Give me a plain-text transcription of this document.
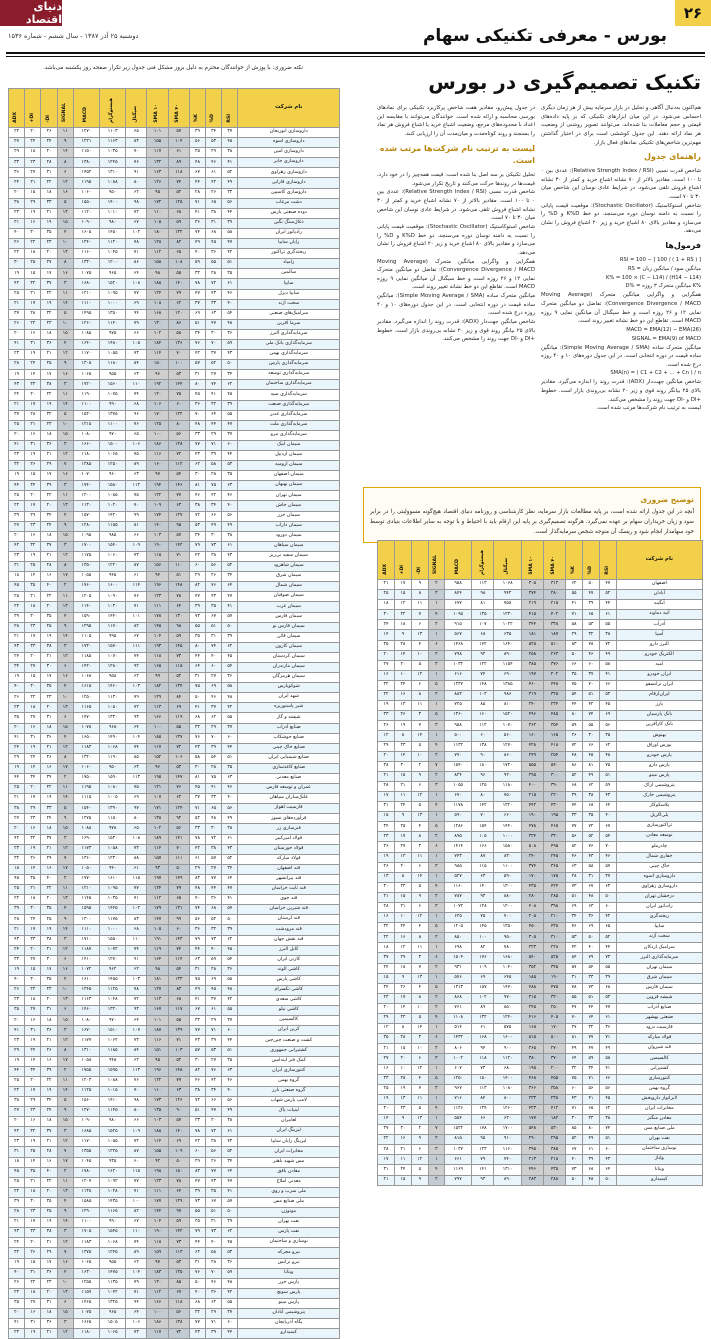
۲۶
دنیای اقتصاد
بورس - معرفی تکنیکی سهام
دوشنبه ۲۵ آذر ۱۳۸۷ - سال ششم - شماره ۱۵۳۶
تکنیک تصمیم‌گیری در بورس
نکته ضروری: با پوزش از خوانندگان محترم به دلیل بروز مشکل فنی جدول زیر تکرار صفحه روز یکشنبه می‌باشد.
هم‌اکنون به‌دنبال آگاهی و تحلیل در بازار سرمایه بیش از هر زمان دیگری احساس می‌شود. در این میان ابزارهای تکنیکی که بر پایه داده‌های قیمتی و حجم معاملات بنا شده‌اند، می‌توانند تصویر روشنی از وضعیت هر نماد ارائه دهند. این جدول کوششی است برای در اختیار گذاشتن مهم‌ترین شاخص‌های تکنیکی نمادهای فعال بازار.
راهنمای جدول
شاخص قدرت نسبی (Relative Strength Index / RSI): عددی بین ۰ تا ۱۰۰ است. مقادیر بالاتر از ۷۰ نشانه اشباع خرید و کمتر از ۳۰ نشانه اشباع فروش تلقی می‌شود. در شرایط عادی نوسان این شاخص میان ۳۰ تا ۷۰ است.
شاخص استوکاستیک (Stochastic Oscillator): موقعیت قیمت پایانی را نسبت به دامنه نوسان دوره می‌سنجد. دو خط K%D و D% را می‌سازد و مقادیر بالای ۸۰ اشباع خرید و زیر ۲۰ اشباع فروش را نشان می‌دهد.
فرمول‌ها
RSI = 100 − [ 100 / ( 1 + RS ) ]
RS = میانگین سود / میانگین زیان
K% = 100 × (C − L14) / (H14 − L14)
D% = میانگین متحرک ۳ روزه K%
همگرایی و واگرایی میانگین متحرک (Moving Average Convergence Divergence / MACD): تفاضل دو میانگین متحرک نمایی ۱۲ و ۲۶ روزه است و خط سیگنال آن میانگین نمایی ۹ روزه MACD است. تقاطع این دو خط نشانه تغییر روند است.
MACD = EMA(12) − EMA(26)
SIGNAL = EMA(9) of MACD
میانگین متحرک ساده (Simple Moving Average / SMA): میانگین ساده قیمت در دوره انتخابی است. در این جدول دوره‌های ۱۰ و ۴۰ روزه درج شده است.
SMA(n) = ( C1 + C2 + ... + Cn ) / n
شاخص میانگین جهت‌دار (ADX): قدرت روند را اندازه می‌گیرد. مقادیر بالای ۲۵ بیانگر روند قوی و زیر ۲۰ نشانه بی‌روندی بازار است. خطوط +DI و ‑DI جهت روند را مشخص می‌کنند.
لیست به ترتیب نام شرکت‌ها مرتب شده است.
در جدول پیش‌رو، مقادیر هفت شاخص پرکاربرد تکنیکی برای نمادهای بورسی محاسبه و ارائه شده است. خوانندگان می‌توانند با مقایسه این اعداد با محدوده‌های مرجع، وضعیت اشباع خرید یا اشباع فروش هر نماد را بسنجند و روند کوتاه‌مدت و میان‌مدت آن را ارزیابی کنند.
لیست به ترتیب نام شرکت‌ها مرتب شده است.
تحلیل تکنیکی بر سه اصل بنا شده است: قیمت همه‌چیز را در خود دارد، قیمت‌ها در روندها حرکت می‌کنند و تاریخ تکرار می‌شود.
شاخص قدرت نسبی (Relative Strength Index / RSI): عددی بین ۰ تا ۱۰۰ است. مقادیر بالاتر از ۷۰ نشانه اشباع خرید و کمتر از ۳۰ نشانه اشباع فروش تلقی می‌شود. در شرایط عادی نوسان این شاخص میان ۳۰ تا ۷۰ است.
شاخص استوکاستیک (Stochastic Oscillator): موقعیت قیمت پایانی را نسبت به دامنه نوسان دوره می‌سنجد. دو خط K%D و D% را می‌سازد و مقادیر بالای ۸۰ اشباع خرید و زیر ۲۰ اشباع فروش را نشان می‌دهد.
همگرایی و واگرایی میانگین متحرک (Moving Average Convergence Divergence / MACD): تفاضل دو میانگین متحرک نمایی ۱۲ و ۲۶ روزه است و خط سیگنال آن میانگین نمایی ۹ روزه MACD است. تقاطع این دو خط نشانه تغییر روند است.
میانگین متحرک ساده (Simple Moving Average / SMA): میانگین ساده قیمت در دوره انتخابی است. در این جدول دوره‌های ۱۰ و ۴۰ روزه درج شده است.
شاخص میانگین جهت‌دار (ADX): قدرت روند را اندازه می‌گیرد. مقادیر بالای ۲۵ بیانگر روند قوی و زیر ۲۰ نشانه بی‌روندی بازار است. خطوط +DI و ‑DI جهت روند را مشخص می‌کنند.
توضیح ضروری
آنچه در این جدول ارائه شده است، بر پایه مطالعات بازار سرمایه، نظر کارشناسی و روزنامه دنیای اقتصاد هیچ‌گونه مسوولیتی را در برابر سود و زیان خریداران سهام بر عهده نمی‌گیرد. هرگونه تصمیم‌گیری بر پایه این ارقام باید با احتیاط و با توجه به سایر اطلاعات بنیادی توسط خود سهامدار انجام شود و ریسک آن متوجه شخص سرمایه‌گذار است.
نام شرکت	RSI	D%	K%	SMA ۴۰	SMA ۱۰	سیگنال	هیستوگرام	MACD	SIGNAL	DI-	DI+	ADX
اصفهان	۴۷	۵۰	۶۲	۳۱۲	۳۰۵	۱۰۶۸	۱۱۳	۹۵۸	۲	۹	۱۷	۲۱
آبادان	۵۲	۴۷	۵۵	۲۸۰	۲۷۴	۹۴۲	۹۸	۸۴۴	۳	۸	۱۵	۲۵
آبگینه	۴۴	۳۹	۴۱	۲۱۵	۲۱۹	۷۵۸	۸۱	۶۷۷	۱	۱۱	۱۲	۱۸
آتیه دماوند	۶۱	۶۵	۷۱	۴۰۲	۴۱۵	۱۲۳۰	۱۳۵	۱۰۹۵	۴	۷	۲۲	۳۰
آذرآب	۵۵	۵۳	۵۸	۳۳۸	۳۴۴	۱۰۲۲	۱۰۷	۹۱۵	۲	۶	۱۸	۲۴
آسیا	۳۸	۳۲	۲۹	۱۸۷	۱۸۱	۶۳۵	۶۸	۵۶۷	۱	۱۳	۹	۱۴
البرز دارو	۷۲	۷۸	۸۳	۵۱۰	۵۲۵	۱۶۴۰	۱۷۲	۱۴۶۸	۶	۴	۲۸	۳۵
الکتریک خودرو	۴۹	۴۶	۵۰	۲۶۳	۲۵۸	۸۹۰	۹۲	۷۹۸	۲	۱۰	۱۴	۲۰
امید	۵۸	۶۰	۶۶	۳۷۶	۳۸۵	۱۱۵۴	۱۲۲	۱۰۳۲	۳	۵	۲۰	۲۷
ایران خودرو	۴۱	۳۷	۳۵	۲۰۲	۱۹۷	۶۹۰	۷۴	۶۱۶	۱	۱۲	۱۰	۱۶
ایران ترانسفو	۶۶	۷۰	۷۵	۴۴۸	۴۶۰	۱۳۸۵	۱۴۸	۱۲۳۷	۵	۶	۲۴	۳۲
ایران‌ارقام	۵۳	۵۱	۵۴	۳۲۵	۳۱۹	۹۸۶	۱۰۳	۸۸۳	۲	۸	۱۶	۲۲
بارز	۴۵	۴۲	۴۴	۲۳۴	۲۴۰	۸۱۰	۸۵	۷۲۵	۱	۱۱	۱۳	۱۹
بانک پارسیان	۶۹	۷۴	۸۰	۴۸۵	۴۹۶	۱۵۲۰	۱۶۰	۱۳۶۰	۵	۳	۲۶	۳۳
بانک کارآفرین	۵۶	۵۵	۵۹	۳۵۴	۳۶۲	۱۰۷۰	۱۱۲	۹۵۸	۳	۷	۱۹	۲۶
بهنوش	۳۵	۳۰	۲۶	۱۶۵	۱۶۰	۵۶۰	۶۰	۵۰۰	۱	۱۴	۸	۱۲
بورس اوراق	۶۲	۶۶	۷۲	۴۱۸	۴۲۸	۱۲۷۰	۱۳۸	۱۱۳۲	۴	۵	۲۳	۲۹
پارس خودرو	۴۸	۴۵	۴۸	۲۵۴	۲۴۹	۸۶۰	۹۰	۷۷۰	۲	۱۰	۱۴	۲۰
پارس دارو	۷۵	۸۱	۸۶	۵۴۰	۵۵۵	۱۷۲۰	۱۸۰	۱۵۴۰	۷	۲	۳۰	۳۸
پارس مینو	۵۱	۴۹	۵۲	۳۰۰	۲۹۵	۹۲۰	۹۶	۸۲۴	۲	۹	۱۵	۲۱
پتروشیمی اراک	۵۹	۶۲	۶۸	۳۹۰	۴۰۰	۱۱۸۰	۱۲۵	۱۰۵۵	۳	۶	۲۱	۲۸
پتروشیمی خارک	۴۳	۳۸	۳۹	۲۲۰	۲۱۵	۷۵۰	۸۰	۶۷۰	۱	۱۲	۱۱	۱۷
پلاسکوکار	۶۴	۶۸	۷۴	۴۳۰	۴۴۲	۱۳۲۰	۱۴۲	۱۱۷۸	۴	۵	۲۴	۳۱
پلی‌اکریل	۴۰	۳۵	۳۳	۱۹۵	۱۹۰	۶۶۰	۷۰	۵۹۰	۱	۱۳	۹	۱۵
تراکتورسازی	۶۷	۷۲	۷۷	۴۶۵	۴۷۸	۱۴۴۰	۱۵۴	۱۲۸۶	۵	۴	۲۵	۳۴
توسعه معادن	۵۴	۵۲	۵۶	۳۳۰	۳۲۴	۱۰۰۰	۱۰۵	۸۹۵	۲	۸	۱۷	۲۳
چادرملو	۷۰	۷۶	۸۲	۴۹۵	۵۰۸	۱۵۸۰	۱۶۶	۱۴۱۴	۶	۳	۲۷	۳۶
حفاری شمال	۴۶	۴۳	۴۶	۲۴۵	۲۴۰	۸۳۰	۸۷	۷۴۳	۱	۱۱	۱۳	۱۹
خاک چینی	۵۷	۵۸	۶۳	۳۶۵	۳۷۴	۱۱۰۰	۱۱۵	۹۸۵	۳	۶	۲۰	۲۶
داروسازی اسوه	۳۷	۳۱	۲۸	۱۷۵	۱۷۰	۵۹۰	۶۳	۵۲۷	۱	۱۴	۸	۱۳
داروسازی زهراوی	۶۳	۶۷	۷۳	۴۲۴	۴۳۵	۱۳۰۰	۱۴۰	۱۱۶۰	۴	۵	۲۳	۳۰
درخشان تهران	۵۰	۴۸	۵۱	۲۸۵	۲۸۰	۸۸۰	۹۳	۷۸۷	۲	۹	۱۵	۲۱
رادیاتور ایران	۶۰	۶۳	۶۹	۳۹۸	۴۰۸	۱۲۰۰	۱۲۸	۱۰۷۲	۳	۶	۲۱	۲۸
ریخته‌گری	۴۲	۳۶	۳۴	۲۱۰	۲۰۵	۷۰۰	۷۵	۶۲۵	۱	۱۲	۱۰	۱۶
سایپا	۶۵	۶۹	۷۶	۴۳۸	۴۵۰	۱۳۵۰	۱۴۵	۱۲۰۵	۵	۴	۲۴	۳۲
سخت آژند	۵۲	۵۰	۵۳	۳۱۰	۳۰۵	۹۵۰	۱۰۰	۸۵۰	۲	۸	۱۶	۲۲
سرامیک اردکان	۴۴	۴۰	۴۲	۲۲۸	۲۲۳	۷۸۰	۸۲	۶۹۸	۱	۱۱	۱۲	۱۸
سرمایه‌گذاری البرز	۷۳	۷۹	۸۴	۵۲۵	۵۴۰	۱۶۸۰	۱۷۶	۱۵۰۴	۶	۳	۲۹	۳۷
سیمان تهران	۵۵	۵۴	۵۷	۳۴۵	۳۵۲	۱۰۴۰	۱۰۹	۹۳۱	۲	۷	۱۸	۲۴
سیمان شرق	۳۹	۳۳	۳۱	۱۹۰	۱۸۵	۶۴۵	۶۹	۵۷۶	۱	۱۳	۹	۱۵
سیمان فارس	۶۸	۷۳	۷۸	۴۷۵	۴۸۸	۱۴۷۰	۱۵۷	۱۳۱۳	۵	۴	۲۶	۳۴
شیشه قزوین	۵۳	۵۱	۵۵	۳۲۰	۳۱۵	۹۷۰	۱۰۲	۸۶۸	۲	۸	۱۷	۲۳
صنایع آذرآب	۴۷	۴۴	۴۷	۲۵۰	۲۴۵	۸۵۰	۸۹	۷۶۱	۲	۱۰	۱۴	۲۰
صنعتی بهشهر	۶۱	۶۴	۷۰	۴۰۵	۴۱۶	۱۲۴۰	۱۳۲	۱۱۰۸	۴	۵	۲۲	۲۹
فارسیت درود	۳۶	۳۲	۲۷	۱۷۰	۱۶۵	۵۷۵	۶۱	۵۱۴	۱	۱۴	۸	۱۲
فولاد مبارکه	۷۱	۷۷	۸۱	۵۰۰	۵۱۵	۱۶۰۰	۱۶۸	۱۴۳۲	۶	۳	۲۸	۳۵
قند شیروان	۴۹	۴۷	۴۹	۲۷۰	۲۶۵	۹۰۰	۹۴	۸۰۶	۲	۱۰	۱۵	۲۱
کالسیمین	۵۸	۵۹	۶۴	۳۷۰	۳۸۰	۱۱۲۰	۱۱۸	۱۰۰۲	۳	۶	۲۰	۲۷
کشتیرانی	۴۱	۳۴	۳۲	۲۰۰	۱۹۵	۶۸۰	۷۳	۶۰۷	۱	۱۲	۱۰	۱۶
کنتورسازی	۶۶	۷۱	۷۵	۴۵۵	۴۶۸	۱۴۰۰	۱۵۰	۱۲۵۰	۵	۴	۲۵	۳۳
گروه بهمن	۵۶	۵۶	۶۰	۳۵۸	۳۶۶	۱۰۸۰	۱۱۳	۹۶۷	۳	۷	۱۹	۲۵
لابراتوار داروپخش	۴۵	۴۱	۴۳	۲۳۸	۲۳۳	۸۰۰	۸۴	۷۱۶	۱	۱۱	۱۳	۱۹
مخابرات ایران	۶۲	۶۵	۷۱	۴۱۲	۴۲۳	۱۲۶۰	۱۳۴	۱۱۲۶	۴	۵	۲۳	۳۰
معادن منگنز	۳۸	۳۳	۳۰	۱۸۲	۱۷۷	۶۲۰	۶۶	۵۵۴	۱	۱۳	۹	۱۴
ملی صنایع مس	۷۴	۸۰	۸۵	۵۳۰	۵۴۸	۱۷۰۰	۱۷۸	۱۵۲۲	۷	۲	۳۰	۳۷
نفت بهران	۵۱	۴۹	۵۲	۲۹۵	۲۹۰	۹۱۰	۹۵	۸۱۵	۲	۹	۱۶	۲۲
نوسازی ساختمان	۶۰	۶۱	۶۷	۳۸۵	۳۹۵	۱۱۶۰	۱۲۳	۱۰۳۷	۳	۶	۲۱	۲۸
ولتاژ	۴۳	۳۹	۴۰	۲۱۸	۲۱۳	۷۴۰	۷۹	۶۶۱	۱	۱۲	۱۱	۱۷
ویتانا	۶۴	۶۸	۷۳	۴۳۵	۴۴۶	۱۳۱۰	۱۴۱	۱۱۶۹	۴	۵	۲۴	۳۱
کیمیدارو	۵۰	۴۸	۵۰	۲۸۸	۲۸۳	۸۹۰	۹۳	۷۹۷	۲	۹	۱۵	۲۱
نام شرکت	RSI	D%	K%	SMA ۴۰	SMA ۱۰	سیگنال	هیستوگرام	MACD	SIGNAL	DI-	DI+	ADX
داروسازی ابوریحان	۳۷	۳۴	۳۹	۵۷	۱۰۱	۶۵	۱۱۰۳	۱۲۷۰	۱۱	۲۶	۲۰	۲۲
داروسازی اسوه	۴۵	۵۳	۵۶	۱۰۴	۱۵۵	۸۳	۱۱۶۳	۱۲۲۱	۹	۲۴	۲۴	۲۷
داروسازی امین	۳۸	۲۹	۳۵	۶۱	۱۱۷	۷۰	۱۰۳۵	۱۱۵۰	۱۴	۲۰	۱۸	۲۹
داروسازی جابر	۴۱	۴۶	۴۸	۸۹	۱۳۲	۷۶	۱۲۴۵	۱۳۸۰	۸	۲۸	۲۳	۳۳
داروسازی زهراوی	۵۲	۶۱	۶۷	۱۱۸	۱۶۳	۹۱	۱۳۱۰	۱۴۵۲	۶	۳۱	۲۷	۳۶
داروسازی فارابی	۴۹	۴۲	۴۴	۷۴	۱۲۶	۸۰	۱۰۸۸	۱۱۹۵	۱۲	۲۲	۲۱	۲۴
داروسازی کاسپین	۳۳	۲۶	۲۸	۵۲	۹۵	۶۲	۹۵۰	۱۰۶۰	۱۶	۱۸	۱۵	۲۰
دشت مرغاب	۵۶	۶۵	۷۱	۱۲۵	۱۷۲	۹۸	۱۴۰۰	۱۵۵۰	۵	۳۳	۲۹	۳۸
دوده صنعتی پارس	۴۴	۳۸	۴۱	۶۸	۱۱۰	۷۲	۱۰۱۰	۱۱۲۰	۱۳	۲۱	۱۹	۲۳
ذغال‌سنگ نگین	۳۹	۳۱	۳۶	۵۹	۱۰۵	۶۷	۹۸۰	۱۰۹۰	۱۵	۱۹	۱۶	۲۱
رادیاتور ایران	۵۸	۶۸	۷۴	۱۳۲	۱۸۰	۱۰۲	۱۴۵۰	۱۶۰۵	۴	۳۵	۳۰	۴۰
رایان سایپا	۴۷	۴۵	۴۹	۸۲	۱۲۸	۷۸	۱۱۲۰	۱۲۴۰	۱۰	۲۳	۲۲	۲۶
ریخته‌گری تراکتور	۴۲	۳۶	۴۰	۶۵	۱۱۲	۷۱	۱۰۴۵	۱۱۶۰	۱۳	۲۰	۱۸	۲۲
زامیاد	۵۱	۵۵	۵۹	۱۰۸	۱۵۸	۸۶	۱۲۰۰	۱۳۳۰	۸	۲۷	۲۵	۳۰
سالمین	۳۵	۲۸	۳۲	۵۵	۹۸	۶۴	۹۶۵	۱۰۷۵	۱۶	۱۷	۱۵	۱۹
سایپا	۶۱	۷۲	۷۸	۱۴۰	۱۸۸	۱۰۸	۱۵۲۰	۱۶۸۰	۳	۳۷	۳۲	۴۲
سایپا دیزل	۴۶	۴۳	۴۷	۷۹	۱۲۴	۷۷	۱۰۹۵	۱۲۱۰	۱۱	۲۲	۲۱	۲۵
سخت آژند	۴۰	۳۳	۳۷	۶۲	۱۰۸	۶۹	۱۰۰۰	۱۱۱۰	۱۴	۱۹	۱۷	۲۱
سرامیک‌های صنعتی	۵۴	۶۳	۶۹	۱۲۰	۱۶۸	۹۴	۱۳۵۰	۱۴۹۵	۵	۳۲	۲۸	۳۷
سرما آفرین	۴۸	۴۷	۵۱	۸۶	۱۳۰	۷۹	۱۱۴۰	۱۲۶۰	۱۰	۲۳	۲۲	۲۶
سرمایه‌گذاری البرز	۳۶	۳۰	۳۴	۵۸	۱۰۲	۶۶	۹۷۵	۱۰۸۵	۱۵	۱۸	۱۶	۲۰
سرمایه‌گذاری بانک ملی	۵۹	۷۰	۷۶	۱۳۶	۱۸۴	۱۰۵	۱۴۸۰	۱۶۴۰	۴	۳۶	۳۱	۴۱
سرمایه‌گذاری بهمن	۴۳	۳۷	۴۲	۷۰	۱۱۴	۷۳	۱۰۵۵	۱۱۷۰	۱۲	۲۱	۱۹	۲۳
سرمایه‌گذاری پارس	۵۰	۵۲	۵۷	۱۰۰	۱۵۰	۸۴	۱۱۸۰	۱۳۰۵	۹	۲۵	۲۴	۲۸
سرمایه‌گذاری توسعه	۳۴	۲۷	۳۱	۵۳	۹۶	۶۳	۹۵۵	۱۰۶۵	۱۶	۱۷	۱۴	۱۹
سرمایه‌گذاری ساختمان	۶۲	۷۴	۸۰	۱۴۴	۱۹۲	۱۱۰	۱۵۶۰	۱۷۲۰	۳	۳۸	۳۳	۴۳
سرمایه‌گذاری سپه	۴۵	۴۱	۴۵	۷۵	۱۲۰	۷۴	۱۰۷۵	۱۱۹۰	۱۱	۲۲	۲۰	۲۴
سرمایه‌گذاری صنعت	۳۹	۳۲	۳۶	۶۰	۱۰۶	۶۸	۹۹۰	۱۱۰۰	۱۴	۱۹	۱۷	۲۱
سرمایه‌گذاری غدیر	۵۵	۶۴	۷۰	۱۲۲	۱۷۰	۹۶	۱۳۷۵	۱۵۲۰	۵	۳۲	۲۸	۳۷
سرمایه‌گذاری ملت	۴۷	۴۴	۴۸	۸۰	۱۲۵	۷۶	۱۱۰۰	۱۲۱۵	۱۰	۲۳	۲۱	۲۵
سرمایه‌گذاری نیرو	۳۷	۲۹	۳۳	۵۶	۱۰۰	۶۵	۹۷۰	۱۰۸۰	۱۵	۱۸	۱۶	۲۰
سیمان آبیک	۶۰	۷۱	۷۷	۱۳۸	۱۸۶	۱۰۶	۱۵۰۰	۱۶۶۰	۳	۳۶	۳۱	۴۱
سیمان اردبیل	۴۴	۳۹	۴۳	۷۲	۱۱۶	۷۵	۱۰۶۵	۱۱۸۰	۱۲	۲۱	۱۹	۲۳
سیمان ارومیه	۵۳	۵۸	۶۲	۱۱۲	۱۶۰	۸۹	۱۲۵۰	۱۳۸۵	۷	۲۹	۲۶	۳۲
سیمان اصفهان	۳۵	۲۸	۳۰	۵۴	۹۷	۶۳	۹۶۰	۱۰۷۰	۱۶	۱۷	۱۵	۱۹
سیمان بهبهان	۶۳	۷۵	۸۱	۱۴۶	۱۹۴	۱۱۲	۱۵۸۰	۱۷۴۰	۳	۳۹	۳۴	۴۴
سیمان تهران	۴۶	۴۲	۴۶	۷۷	۱۲۲	۷۵	۱۰۸۵	۱۲۰۰	۱۱	۲۲	۲۰	۲۵
سیمان خاش	۴۰	۳۴	۳۸	۶۳	۱۰۹	۷۰	۱۰۲۰	۱۱۳۰	۱۳	۲۰	۱۷	۲۲
سیمان خزر	۵۶	۶۶	۷۲	۱۲۷	۱۷۴	۹۹	۱۴۲۰	۱۵۷۰	۴	۳۴	۲۹	۳۹
سیمان داراب	۴۹	۴۹	۵۳	۹۵	۱۴۰	۸۱	۱۱۵۵	۱۲۸۰	۹	۲۴	۲۳	۲۷
سیمان دورود	۳۸	۳۰	۳۴	۵۷	۱۰۳	۶۶	۹۸۵	۱۰۹۵	۱۵	۱۸	۱۶	۲۰
سیمان سپاهان	۶۱	۷۳	۷۹	۱۴۲	۱۹۰	۱۰۹	۱۵۴۰	۱۷۰۰	۳	۳۷	۳۲	۴۲
سیمان سفید نی‌ریز	۴۳	۳۸	۴۲	۷۱	۱۱۵	۷۳	۱۰۶۰	۱۱۷۵	۱۲	۲۱	۱۹	۲۳
سیمان شاهرود	۵۲	۵۶	۶۰	۱۱۰	۱۵۶	۸۷	۱۲۲۰	۱۳۵۰	۸	۲۸	۲۵	۳۱
سیمان شرق	۳۴	۲۶	۲۹	۵۱	۹۴	۶۱	۹۴۵	۱۰۵۵	۱۷	۱۶	۱۴	۱۸
سیمان شمال	۶۴	۷۶	۸۲	۱۴۸	۱۹۶	۱۱۴	۱۶۰۰	۱۷۶۰	۲	۴۰	۳۵	۴۵
سیمان صوفیان	۴۷	۴۳	۴۷	۷۸	۱۲۳	۷۶	۱۰۹۰	۱۲۰۵	۱۱	۲۲	۲۱	۲۵
سیمان غرب	۴۱	۳۵	۳۹	۶۴	۱۱۱	۷۱	۱۰۳۰	۱۱۴۰	۱۳	۲۰	۱۸	۲۲
سیمان فارس	۵۷	۶۷	۷۳	۱۳۰	۱۷۸	۱۰۱	۱۴۴۰	۱۵۹۰	۴	۳۵	۳۰	۳۹
سیمان فارس نو	۵۰	۵۱	۵۵	۹۸	۱۴۵	۸۲	۱۱۷۰	۱۲۹۵	۹	۲۵	۲۳	۲۸
سیمان قائن	۳۹	۳۱	۳۵	۵۹	۱۰۴	۶۷	۹۹۵	۱۱۰۵	۱۴	۱۹	۱۷	۲۱
سیمان کارون	۶۲	۷۴	۸۰	۱۴۵	۱۹۳	۱۱۱	۱۵۷۰	۱۷۳۰	۳	۳۸	۳۳	۴۳
سیمان کردستان	۴۵	۴۰	۴۴	۷۳	۱۱۸	۷۴	۱۰۷۰	۱۱۸۵	۱۲	۲۱	۲۰	۲۴
سیمان مازندران	۵۴	۶۰	۶۴	۱۱۵	۱۶۵	۹۲	۱۲۸۰	۱۴۲۰	۶	۳۰	۲۷	۳۴
سیمان هرمزگان	۳۶	۲۷	۳۱	۵۲	۹۹	۶۲	۹۵۸	۱۰۶۸	۱۶	۱۷	۱۵	۱۹
شوکوپارس	۵۸	۶۹	۷۵	۱۳۴	۱۸۲	۱۰۳	۱۴۶۰	۱۶۱۵	۴	۳۵	۳۰	۴۰
شهد ایران	۴۸	۴۶	۵۰	۸۴	۱۲۹	۷۹	۱۱۳۰	۱۲۵۰	۱۰	۲۳	۲۲	۲۶
شیر پاستوریزه	۴۲	۳۷	۴۱	۶۹	۱۱۳	۷۲	۱۰۵۰	۱۱۶۵	۱۳	۲۰	۱۸	۲۳
شیشه و گاز	۵۵	۶۲	۶۸	۱۱۹	۱۶۶	۹۳	۱۳۳۰	۱۴۷۰	۶	۳۱	۲۷	۳۵
صنایع آذرآب	۳۷	۲۹	۳۲	۵۵	۱۰۰	۶۴	۹۶۸	۱۰۷۸	۱۵	۱۸	۱۶	۲۰
صنایع جوشکاب	۶۰	۷۰	۷۶	۱۳۷	۱۸۵	۱۰۴	۱۴۹۰	۱۶۵۰	۴	۳۶	۳۱	۴۱
صنایع خاک چینی	۴۴	۳۹	۴۳	۷۲	۱۱۷	۷۴	۱۰۶۸	۱۱۸۳	۱۲	۲۱	۱۹	۲۴
صنایع شیمیایی ایران	۵۱	۵۴	۵۸	۱۰۶	۱۵۲	۸۵	۱۱۹۰	۱۳۲۰	۸	۲۶	۲۴	۲۹
صنایع کاغذسازی	۳۵	۲۸	۳۰	۵۳	۹۶	۶۳	۹۵۰	۱۰۶۰	۱۷	۱۶	۱۴	۱۹
صنایع معدنی	۶۳	۷۵	۸۱	۱۴۷	۱۹۵	۱۱۳	۱۵۹۰	۱۷۵۰	۲	۳۹	۳۴	۴۴
عمران و توسعه فارس	۴۶	۴۱	۴۵	۷۶	۱۲۱	۷۵	۱۰۸۰	۱۱۹۵	۱۱	۲۲	۲۰	۲۵
غلتک‌سازان سپاهان	۴۰	۳۳	۳۷	۶۲	۱۰۷	۶۹	۱۰۰۵	۱۱۱۵	۱۴	۱۹	۱۷	۲۱
فارسیت اهواز	۵۶	۶۵	۷۱	۱۲۴	۱۷۱	۹۷	۱۳۹۰	۱۵۴۰	۵	۳۳	۲۹	۳۸
فرآورده‌های نسوز	۴۹	۴۸	۵۲	۹۲	۱۳۸	۸۰	۱۱۵۰	۱۲۷۵	۹	۲۴	۲۳	۲۷
فنرسازی زر	۳۸	۳۰	۳۳	۵۶	۱۰۲	۶۵	۹۷۸	۱۰۸۸	۱۵	۱۸	۱۶	۲۰
فولاد امیرکبیر	۶۱	۷۲	۷۸	۱۴۱	۱۸۹	۱۰۸	۱۵۳۰	۱۶۹۰	۳	۳۷	۳۲	۴۲
فولاد خوزستان	۴۳	۳۸	۴۲	۷۰	۱۱۴	۷۳	۱۰۵۸	۱۱۷۳	۱۲	۲۱	۱۹	۲۳
فولاد مبارکه	۵۲	۵۷	۶۱	۱۱۱	۱۵۷	۸۸	۱۲۳۰	۱۳۶۰	۷	۲۹	۲۶	۳۲
قند اصفهان	۳۴	۲۷	۲۹	۵۰	۹۳	۶۱	۹۴۰	۱۰۵۰	۱۷	۱۶	۱۴	۱۸
قند پیرانشهر	۶۴	۷۷	۸۳	۱۴۹	۱۹۷	۱۱۵	۱۶۱۰	۱۷۷۰	۲	۴۰	۳۵	۴۵
قند ثابت خراسان	۴۷	۴۴	۴۸	۷۹	۱۲۴	۷۷	۱۰۹۵	۱۲۱۰	۱۱	۲۲	۲۱	۲۵
قند خوی	۴۱	۳۶	۴۰	۶۵	۱۱۲	۷۱	۱۰۳۵	۱۱۴۵	۱۳	۲۰	۱۸	۲۲
قند شیرین خراسان	۵۷	۶۸	۷۴	۱۳۱	۱۷۹	۱۰۲	۱۴۴۵	۱۵۹۵	۴	۳۵	۳۰	۳۹
قند لرستان	۵۰	۵۲	۵۶	۹۹	۱۴۷	۸۳	۱۱۷۵	۱۳۰۰	۹	۲۵	۲۴	۲۸
قند مرودشت	۳۹	۳۲	۳۶	۶۰	۱۰۵	۶۸	۱۰۰۰	۱۱۱۰	۱۴	۱۹	۱۷	۲۱
قند نقش جهان	۶۲	۷۳	۷۹	۱۴۳	۱۹۱	۱۱۰	۱۵۵۰	۱۷۱۰	۳	۳۸	۳۳	۴۳
کابل البرز	۴۵	۴۰	۴۴	۷۴	۱۱۹	۷۴	۱۰۷۲	۱۱۸۷	۱۲	۲۱	۲۰	۲۴
کارتن ایران	۵۴	۵۹	۶۳	۱۱۴	۱۶۴	۹۱	۱۲۷۰	۱۴۱۰	۶	۳۰	۲۷	۳۳
کاشی الوند	۳۶	۲۸	۳۱	۵۴	۹۸	۶۲	۹۶۲	۱۰۷۲	۱۶	۱۷	۱۵	۱۹
کاشی پارس	۵۸	۶۹	۷۵	۱۳۳	۱۸۱	۱۰۳	۱۴۵۵	۱۶۱۰	۴	۳۵	۳۰	۴۰
کاشی تکسرام	۴۸	۴۵	۴۹	۸۳	۱۲۷	۷۸	۱۱۲۵	۱۲۴۵	۱۰	۲۳	۲۲	۲۶
کاشی سعدی	۴۲	۳۷	۴۱	۶۸	۱۱۳	۷۲	۱۰۴۸	۱۱۶۳	۱۳	۲۰	۱۸	۲۳
کاشی نیلو	۵۵	۶۱	۶۷	۱۱۷	۱۶۷	۹۳	۱۳۲۰	۱۴۶۰	۶	۳۱	۲۷	۳۵
کالسیمین	۳۷	۲۹	۳۲	۵۵	۱۰۱	۶۴	۹۷۰	۱۰۸۰	۱۵	۱۸	۱۶	۲۰
کربن ایران	۶۰	۷۱	۷۷	۱۳۹	۱۸۷	۱۰۷	۱۵۱۰	۱۶۷۰	۳	۳۶	۳۱	۴۱
کشت و صنعت چین‌چین	۴۴	۳۹	۴۳	۷۱	۱۱۶	۷۳	۱۰۶۲	۱۱۷۷	۱۲	۲۱	۱۹	۲۳
کشتیرانی جمهوری	۵۱	۵۳	۵۷	۱۰۳	۱۵۱	۸۴	۱۱۸۵	۱۳۱۰	۸	۲۶	۲۴	۲۹
کمک فنر ایندامین	۳۵	۲۷	۳۰	۵۲	۹۵	۶۲	۹۴۸	۱۰۵۸	۱۷	۱۶	۱۴	۱۹
کنتورسازی ایران	۶۳	۷۶	۸۲	۱۴۸	۱۹۶	۱۱۳	۱۵۹۵	۱۷۵۵	۲	۳۹	۳۴	۴۴
گروه بهمن	۴۶	۴۲	۴۶	۷۷	۱۲۲	۷۶	۱۰۸۸	۱۲۰۳	۱۱	۲۲	۲۰	۲۵
گروه صنعتی بارز	۴۰	۳۴	۳۸	۶۳	۱۱۰	۷۰	۱۰۱۵	۱۱۲۵	۱۴	۱۹	۱۷	۲۲
لامپ پارس شهاب	۵۶	۶۶	۷۲	۱۲۶	۱۷۳	۹۸	۱۴۱۰	۱۵۶۰	۵	۳۴	۲۹	۳۸
لبنیات پاک	۴۹	۴۷	۵۱	۹۰	۱۳۵	۸۰	۱۱۴۵	۱۲۷۰	۹	۲۴	۲۳	۲۷
لعابیران	۳۸	۳۰	۳۳	۵۷	۱۰۳	۶۶	۹۸۰	۱۰۹۰	۱۵	۱۸	۱۶	۲۰
لیزینگ ایران	۶۱	۷۲	۷۸	۱۴۰	۱۸۸	۱۰۹	۱۵۲۵	۱۶۸۵	۳	۳۷	۳۲	۴۲
لیزینگ رایان سایپا	۴۳	۳۸	۴۲	۶۹	۱۱۴	۷۲	۱۰۵۵	۱۱۷۰	۱۲	۲۱	۱۹	۲۳
مخابرات ایران	۵۲	۵۶	۶۰	۱۰۹	۱۵۵	۸۷	۱۲۲۵	۱۳۵۵	۷	۲۸	۲۵	۳۱
مس شهید باهنر	۳۴	۲۶	۲۹	۵۰	۹۲	۶۰	۹۳۵	۱۰۴۵	۱۷	۱۶	۱۴	۱۸
معادن بافق	۶۴	۷۷	۸۳	۱۵۰	۱۹۸	۱۱۵	۱۶۲۰	۱۷۸۰	۲	۴۰	۳۵	۴۵
معدنی املاح	۴۷	۴۳	۴۷	۷۸	۱۲۳	۷۷	۱۰۹۲	۱۲۰۷	۱۱	۲۲	۲۱	۲۵
ملی سرب و روی	۴۱	۳۵	۳۹	۶۴	۱۱۱	۷۱	۱۰۲۸	۱۱۳۸	۱۳	۲۰	۱۸	۲۲
ملی صنایع مس	۵۷	۶۷	۷۳	۱۲۹	۱۷۷	۱۰۰	۱۴۳۵	۱۵۸۵	۴	۳۵	۳۰	۳۹
موتوژن	۵۰	۵۱	۵۵	۹۷	۱۴۴	۸۲	۱۱۶۵	۱۲۹۰	۹	۲۵	۲۳	۲۸
نفت بهران	۳۹	۳۱	۳۵	۵۹	۱۰۴	۶۷	۹۹۰	۱۱۰۰	۱۴	۱۹	۱۷	۲۱
نفت پارس	۶۲	۷۳	۷۹	۱۴۲	۱۹۰	۱۱۰	۱۵۴۵	۱۷۰۵	۳	۳۸	۳۳	۴۳
نوسازی و ساختمان	۴۵	۴۰	۴۴	۷۳	۱۱۸	۷۴	۱۰۶۸	۱۱۸۳	۱۲	۲۱	۲۰	۲۴
نیرو محرکه	۵۳	۵۸	۶۲	۱۱۳	۱۵۹	۸۹	۱۲۴۵	۱۳۷۵	۷	۲۹	۲۶	۳۲
نیرو ترانس	۳۶	۲۸	۳۱	۵۳	۹۷	۶۲	۹۵۵	۱۰۶۵	۱۶	۱۷	۱۵	۱۹
ویتانا	۵۹	۷۰	۷۶	۱۳۵	۱۸۳	۱۰۴	۱۴۷۵	۱۶۳۰	۴	۳۶	۳۱	۴۰
پارس خزر	۴۸	۴۶	۵۰	۸۵	۱۳۰	۷۹	۱۱۳۵	۱۲۵۵	۱۰	۲۳	۲۲	۲۶
پارس سویچ	۴۲	۳۶	۴۰	۶۷	۱۱۲	۷۱	۱۰۴۲	۱۱۵۷	۱۳	۲۰	۱۸	۲۳
پارس مینو	۵۵	۶۲	۶۸	۱۱۸	۱۶۶	۹۴	۱۳۲۵	۱۴۶۵	۶	۳۱	۲۷	۳۵
پتروشیمی آبادان	۳۷	۲۹	۳۲	۵۶	۱۰۰	۶۴	۹۶۵	۱۰۷۵	۱۵	۱۸	۱۶	۲۰
پگاه آذربایجان	۶۰	۷۱	۷۷	۱۳۸	۱۸۶	۱۰۶	۱۵۰۵	۱۶۶۵	۳	۳۶	۳۱	۴۱
کیمیدارو	۴۴	۳۹	۴۳	۷۲	۱۱۷	۷۳	۱۰۶۵	۱۱۸۰	۱۲	۲۱	۱۹	۲۳
